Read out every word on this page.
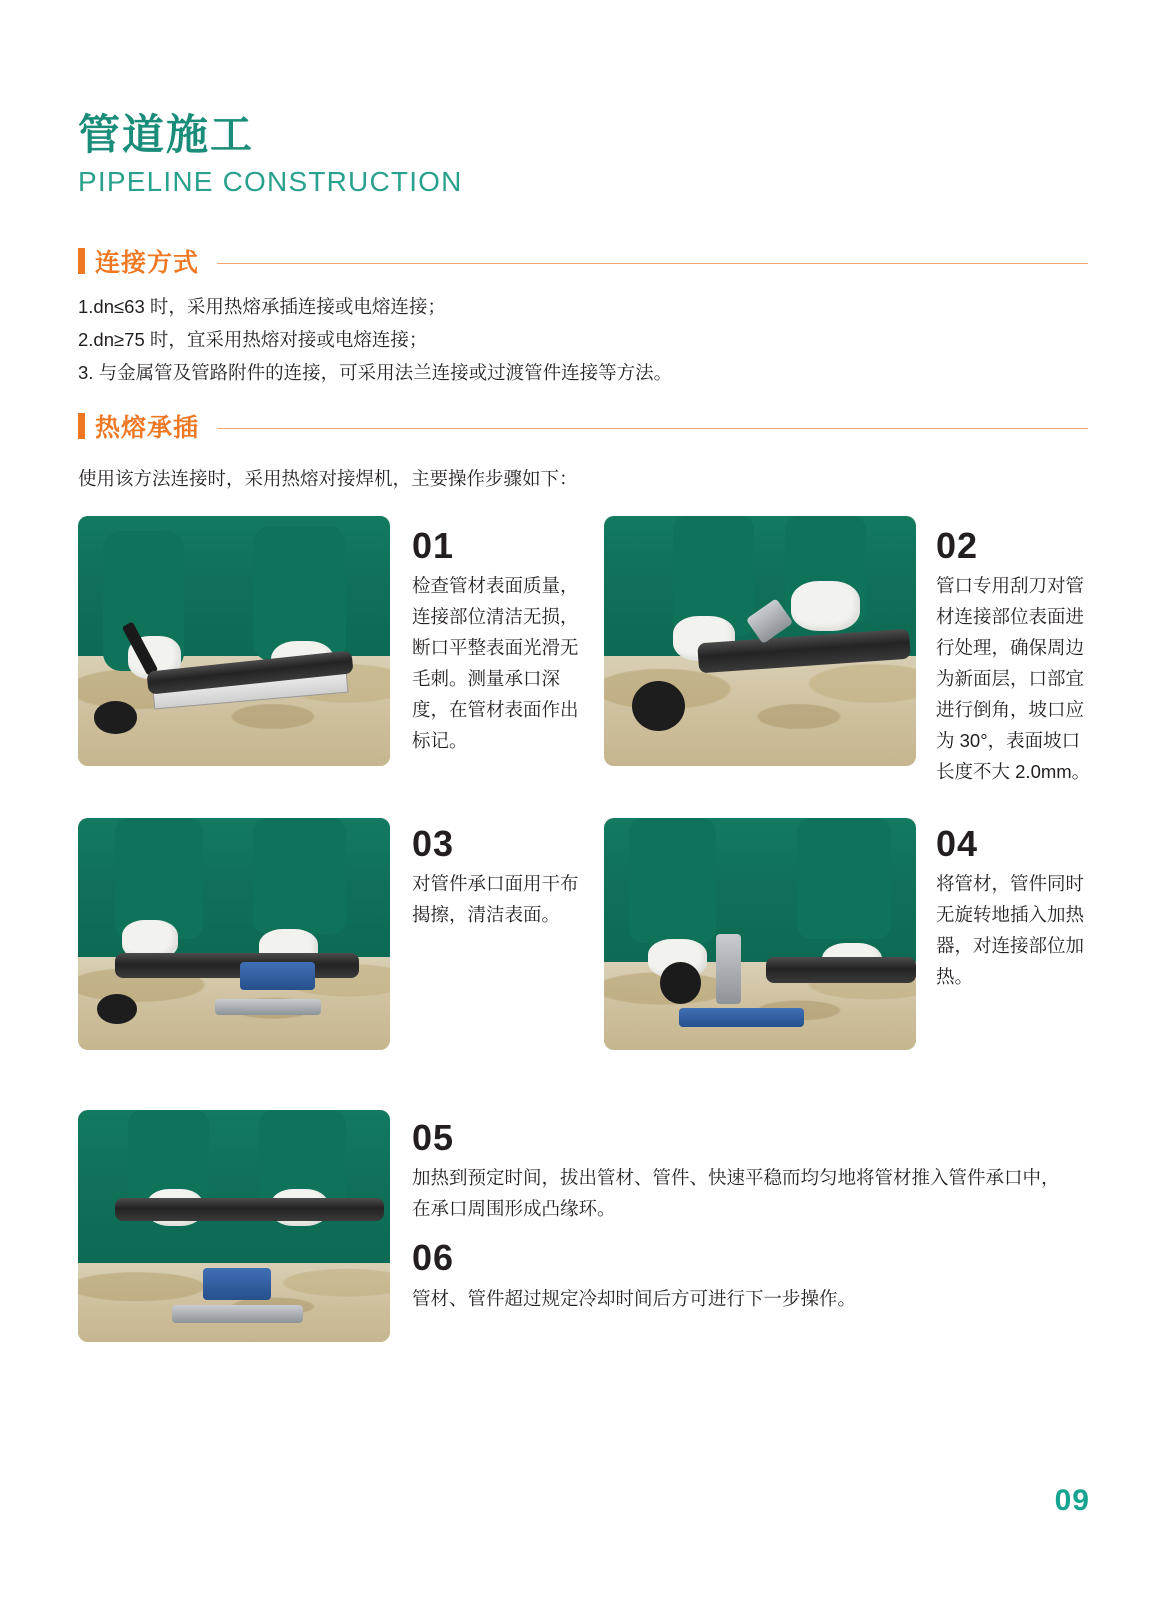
管道施工
PIPELINE CONSTRUCTION
连接方式

1.dn≤63 时，采用热熔承插连接或电熔连接；

2.dn≥75 时，宜采用热熔对接或电熔连接；

3. 与金属管及管路附件的连接，可采用法兰连接或过渡管件连接等方法。

热熔承插

使用该方法连接时，采用热熔对接焊机，主要操作步骤如下：

01
检查管材表面质量，连接部位清洁无损，断口平整表面光滑无毛刺。测量承口深度，在管材表面作出标记。
02
管口专用刮刀对管材连接部位表面进行处理，确保周边为新面层，口部宜进行倒角，坡口应为 30°，表面坡口长度不大 2.0mm。
03
对管件承口面用干布揭擦，清洁表面。
04
将管材，管件同时无旋转地插入加热器，对连接部位加热。
05
加热到预定时间，拔出管材、管件、快速平稳而均匀地将管材推入管件承口中，在承口周围形成凸缘环。
06
管材、管件超过规定冷却时间后方可进行下一步操作。
09
